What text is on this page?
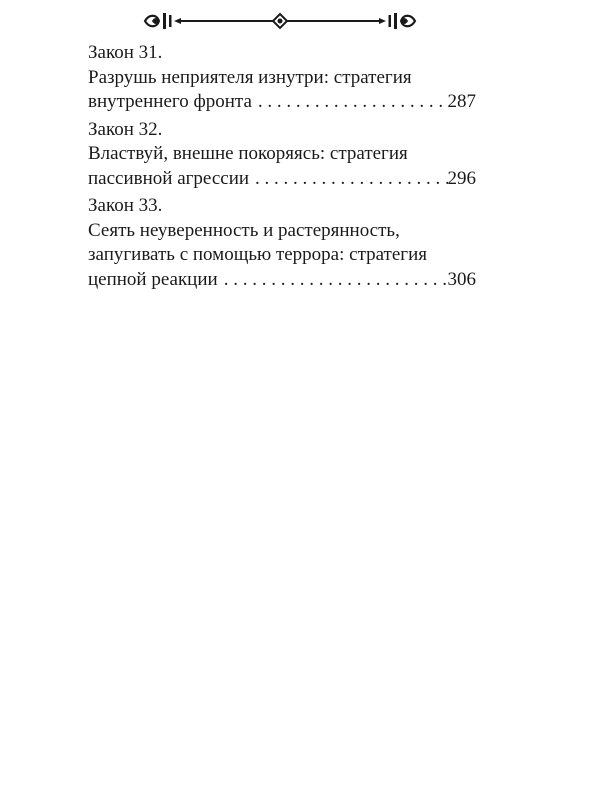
Закон 31.
Разрушь неприятеля изнутри: стратегия
внутреннего фронта . . .	287
Закон 32.
Властвуй, внешне покоряясь: стратегия
пассивной агрессии . . .	296
Закон 33.
Сеять неуверенность и растерянность,
запугивать с помощью террора: стратегия
цепной реакции . . .	306
